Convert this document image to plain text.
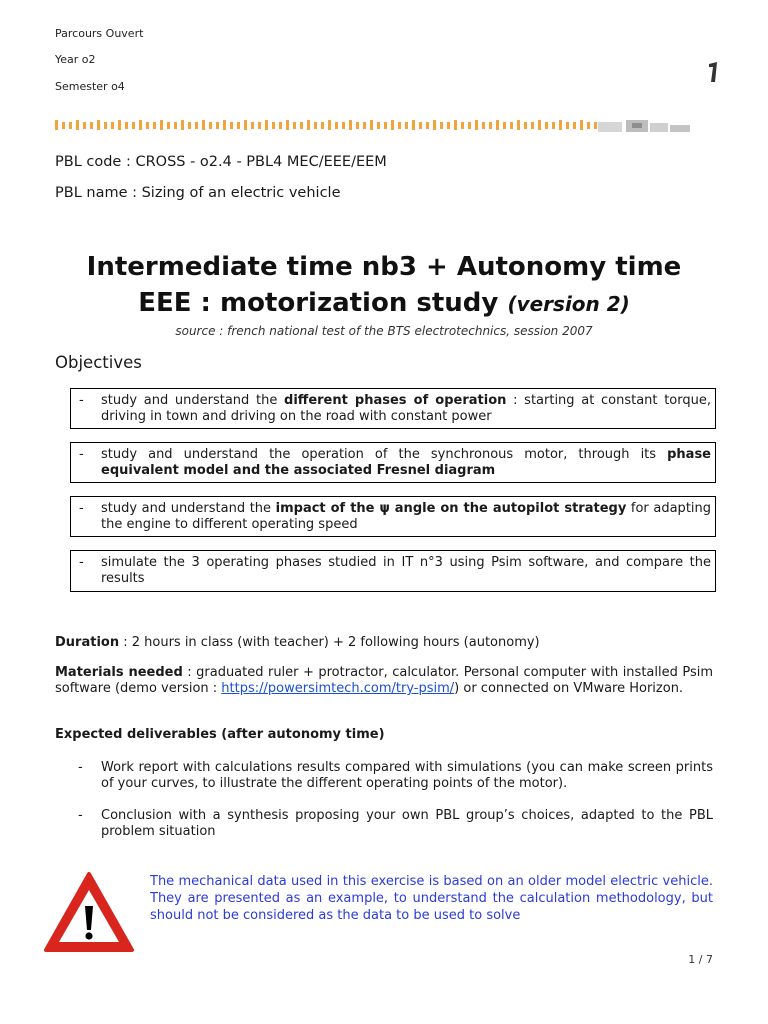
Parcours Ouvert
Year o2
Semester o4
PBL code : CROSS - o2.4 - PBL4 MEC/EEE/EEM
PBL name : Sizing of an electric vehicle
Intermediate time nb3 + Autonomy time
EEE : motorization study (version 2)
source : french national test of the BTS electrotechnics, session 2007
Objectives
- study and understand the different phases of operation : starting at constant torque, driving in town and driving on the road with constant power
- study and understand the operation of the synchronous motor, through its phase equivalent model and the associated Fresnel diagram
- study and understand the impact of the ψ angle on the autopilot strategy for adapting the engine to different operating speed
- simulate the 3 operating phases studied in IT n°3 using Psim software, and compare the results
Duration : 2 hours in class (with teacher) + 2 following hours (autonomy)
Materials needed : graduated ruler + protractor, calculator. Personal computer with installed Psim software (demo version : https://powersimtech.com/try-psim/) or connected on VMware Horizon.
Expected deliverables (after autonomy time)
- Work report with calculations results compared with simulations (you can make screen prints of your curves, to illustrate the different operating points of the motor).
- Conclusion with a synthesis proposing your own PBL group’s choices, adapted to the PBL problem situation
The mechanical data used in this exercise is based on an older model electric vehicle. They are presented as an example, to understand the calculation methodology, but should not be considered as the data to be used to solve
1 / 7
